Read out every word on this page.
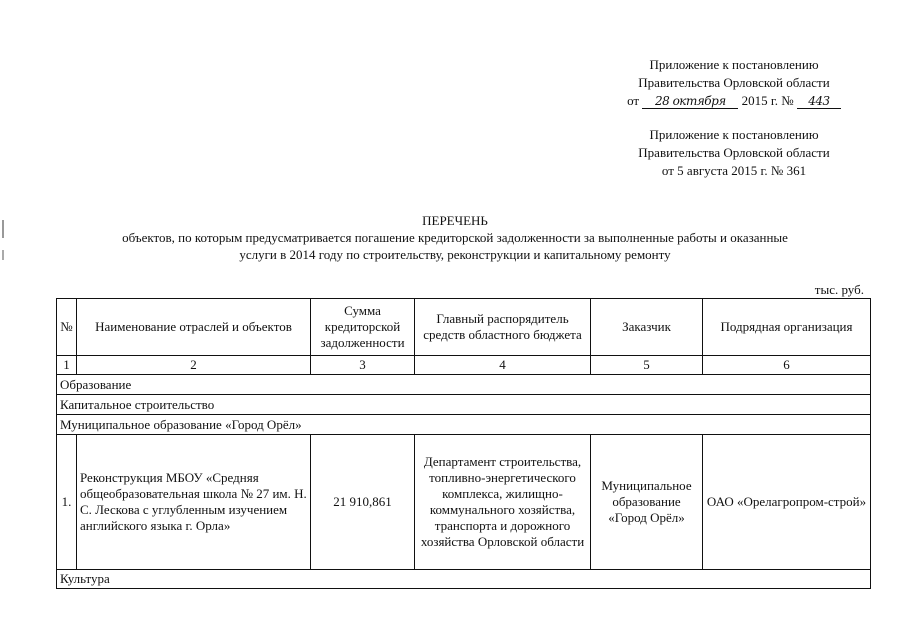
Приложение к постановлению
Правительства Орловской области
от 28 октября 2015 г. № 443
Приложение к постановлению
Правительства Орловской области
от 5 августа 2015 г. № 361
ПЕРЕЧЕНЬ
объектов, по которым предусматривается погашение кредиторской задолженности за выполненные работы и оказанные
услуги в 2014 году по строительству, реконструкции и капитальному ремонту
тыс. руб.
№	Наименование отраслей и объектов	Сумма кредиторской задолженности	Главный распорядитель средств областного бюджета	Заказчик	Подрядная организация
1	2	3	4	5	6
Образование					
Капитальное строительство					
Муниципальное образование «Город Орёл»					
1.	Реконструкция МБОУ «Средняя общеобразовательная школа № 27 им. Н. С. Лескова с углубленным изучением английского языка г. Орла»	21 910,861	Департамент строительства, топливно-энергетического комплекса, жилищно-коммунального хозяйства, транспорта и дорожного хозяйства Орловской области	Муниципальное образование «Город Орёл»	ОАО «Орелагропром-строй»
Культура					
